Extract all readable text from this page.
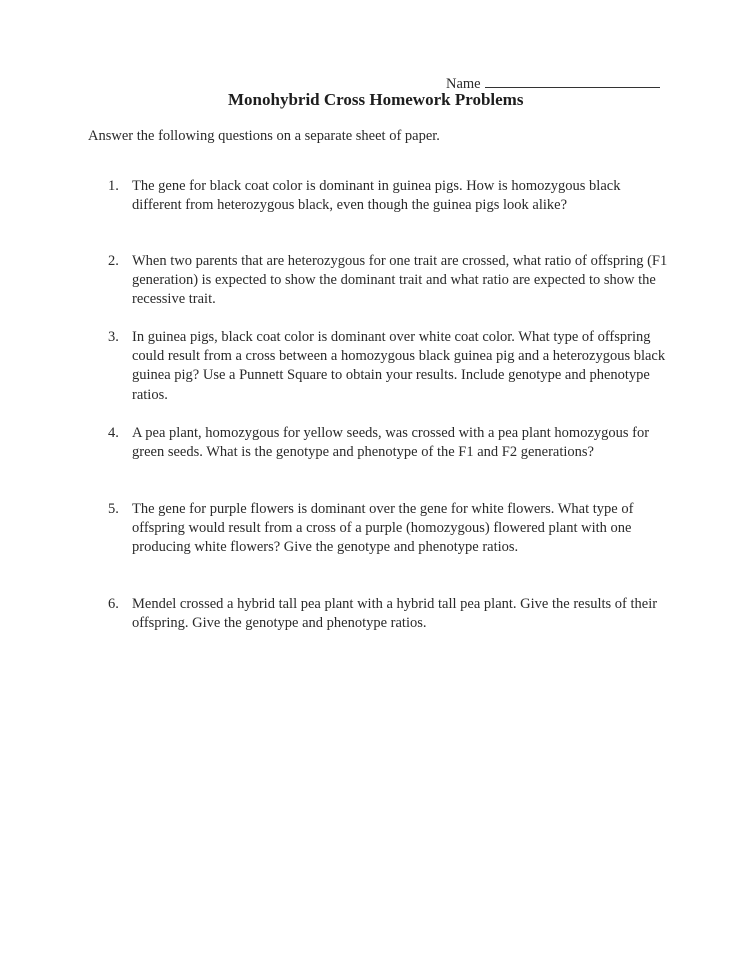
Name
Monohybrid Cross Homework Problems
Answer the following questions on a separate sheet of paper.
1. The gene for black coat color is dominant in guinea pigs. How is homozygous black different from heterozygous black, even though the guinea pigs look alike?
2. When two parents that are heterozygous for one trait are crossed, what ratio of offspring (F1 generation) is expected to show the dominant trait and what ratio are expected to show the recessive trait.
3. In guinea pigs, black coat color is dominant over white coat color. What type of offspring could result from a cross between a homozygous black guinea pig and a heterozygous black guinea pig? Use a Punnett Square to obtain your results. Include genotype and phenotype ratios.
4. A pea plant, homozygous for yellow seeds, was crossed with a pea plant homozygous for green seeds. What is the genotype and phenotype of the F1 and F2 generations?
5. The gene for purple flowers is dominant over the gene for white flowers. What type of offspring would result from a cross of a purple (homozygous) flowered plant with one producing white flowers? Give the genotype and phenotype ratios.
6. Mendel crossed a hybrid tall pea plant with a hybrid tall pea plant. Give the results of their offspring. Give the genotype and phenotype ratios.
